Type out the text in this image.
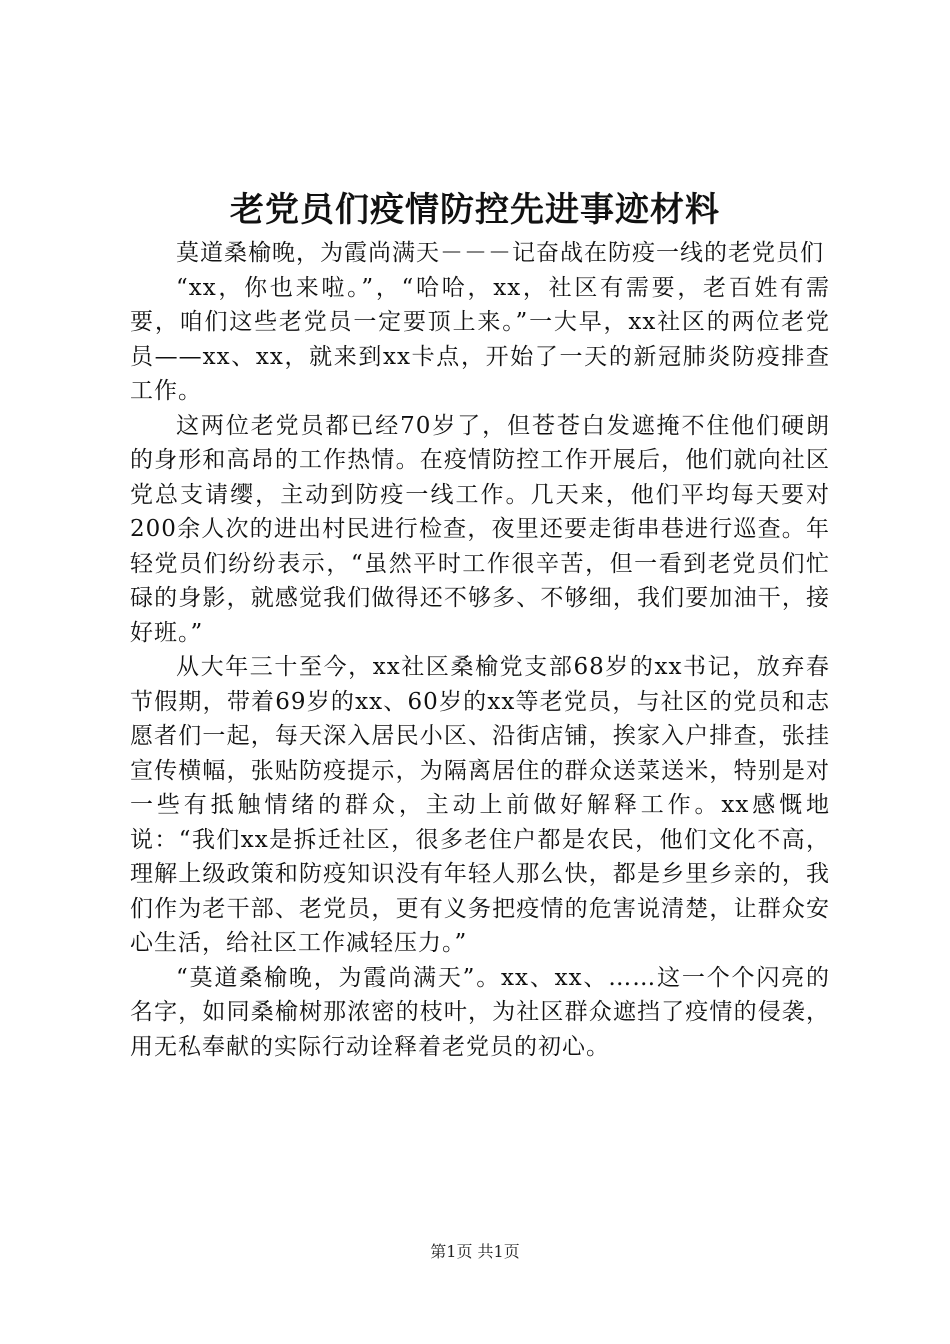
老党员们疫情防控先进事迹材料

莫道桑榆晚，为霞尚满天－－－记奋战在防疫一线的老党员们

“xx，你也来啦。”，“哈哈，xx，社区有需要，老百姓有需要，咱们这些老党员一定要顶上来。”一大早，xx社区的两位老党员——xx、xx，就来到xx卡点，开始了一天的新冠肺炎防疫排查工作。

这两位老党员都已经70岁了，但苍苍白发遮掩不住他们硬朗的身形和高昂的工作热情。在疫情防控工作开展后，他们就向社区党总支请缨，主动到防疫一线工作。几天来，他们平均每天要对200余人次的进出村民进行检查，夜里还要走街串巷进行巡查。年轻党员们纷纷表示，“虽然平时工作很辛苦，但一看到老党员们忙碌的身影，就感觉我们做得还不够多、不够细，我们要加油干，接好班。”

从大年三十至今，xx社区桑榆党支部68岁的xx书记，放弃春节假期，带着69岁的xx、60岁的xx等老党员，与社区的党员和志愿者们一起，每天深入居民小区、沿街店铺，挨家入户排查，张挂宣传横幅，张贴防疫提示，为隔离居住的群众送菜送米，特别是对一些有抵触情绪的群众，主动上前做好解释工作。xx感慨地说：“我们xx是拆迁社区，很多老住户都是农民，他们文化不高，理解上级政策和防疫知识没有年轻人那么快，都是乡里乡亲的，我们作为老干部、老党员，更有义务把疫情的危害说清楚，让群众安心生活，给社区工作减轻压力。”

“莫道桑榆晚，为霞尚满天”。xx、xx、……这一个个闪亮的名字，如同桑榆树那浓密的枝叶，为社区群众遮挡了疫情的侵袭，用无私奉献的实际行动诠释着老党员的初心。

第1页 共1页
